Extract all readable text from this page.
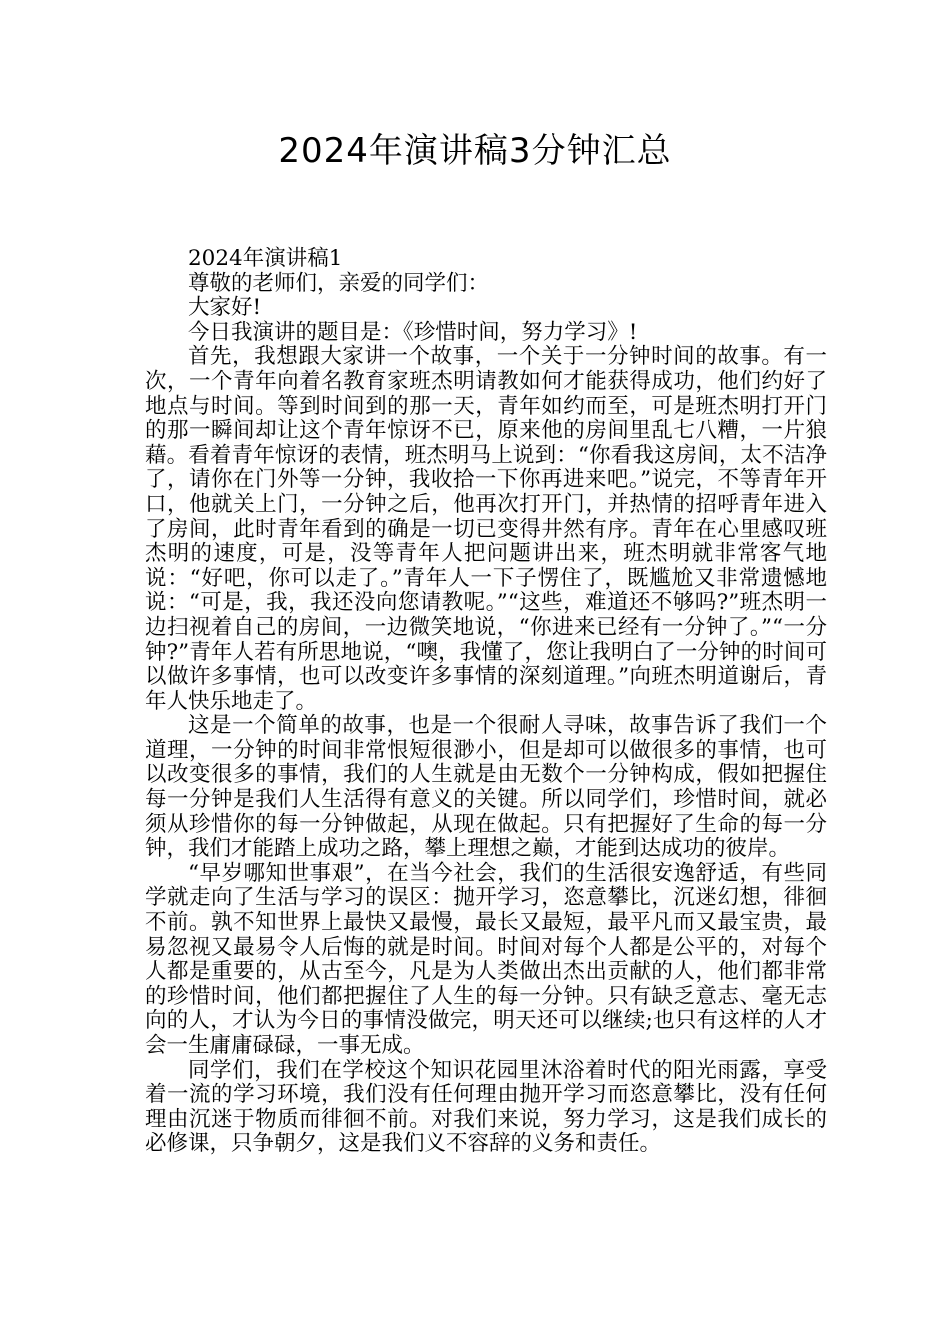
2024年演讲稿3分钟汇总

2024年演讲稿1

尊敬的老师们，亲爱的同学们：

大家好!

今日我演讲的题目是：《珍惜时间，努力学习》!

首先，我想跟大家讲一个故事，一个关于一分钟时间的故事。有一次，一个青年向着名教育家班杰明请教如何才能获得成功，他们约好了地点与时间。等到时间到的那一天，青年如约而至，可是班杰明打开门的那一瞬间却让这个青年惊讶不已，原来他的房间里乱七八糟，一片狼藉。看着青年惊讶的表情，班杰明马上说到：“你看我这房间，太不洁净了，请你在门外等一分钟，我收拾一下你再进来吧。”说完，不等青年开口，他就关上门，一分钟之后，他再次打开门，并热情的招呼青年进入了房间，此时青年看到的确是一切已变得井然有序。青年在心里感叹班杰明的速度，可是，没等青年人把问题讲出来，班杰明就非常客气地说：“好吧，你可以走了。”青年人一下子愣住了，既尴尬又非常遗憾地说：“可是，我，我还没向您请教呢。”“这些，难道还不够吗?”班杰明一边扫视着自己的房间，一边微笑地说，“你进来已经有一分钟了。”“一分钟?”青年人若有所思地说，“噢，我懂了，您让我明白了一分钟的时间可以做许多事情，也可以改变许多事情的深刻道理。”向班杰明道谢后，青年人快乐地走了。

这是一个简单的故事，也是一个很耐人寻味，故事告诉了我们一个道理，一分钟的时间非常恨短很渺小，但是却可以做很多的事情，也可以改变很多的事情，我们的人生就是由无数个一分钟构成，假如把握住每一分钟是我们人生活得有意义的关键。所以同学们，珍惜时间，就必须从珍惜你的每一分钟做起，从现在做起。只有把握好了生命的每一分钟，我们才能踏上成功之路，攀上理想之巅，才能到达成功的彼岸。

“早岁哪知世事艰”，在当今社会，我们的生活很安逸舒适，有些同学就走向了生活与学习的误区：抛开学习，恣意攀比，沉迷幻想，徘徊不前。孰不知世界上最快又最慢，最长又最短，最平凡而又最宝贵，最易忽视又最易令人后悔的就是时间。时间对每个人都是公平的，对每个人都是重要的，从古至今，凡是为人类做出杰出贡献的人，他们都非常的珍惜时间，他们都把握住了人生的每一分钟。只有缺乏意志、毫无志向的人，才认为今日的事情没做完，明天还可以继续;也只有这样的人才会一生庸庸碌碌，一事无成。

同学们，我们在学校这个知识花园里沐浴着时代的阳光雨露，享受着一流的学习环境，我们没有任何理由抛开学习而恣意攀比，没有任何理由沉迷于物质而徘徊不前。对我们来说，努力学习，这是我们成长的必修课，只争朝夕，这是我们义不容辞的义务和责任。
